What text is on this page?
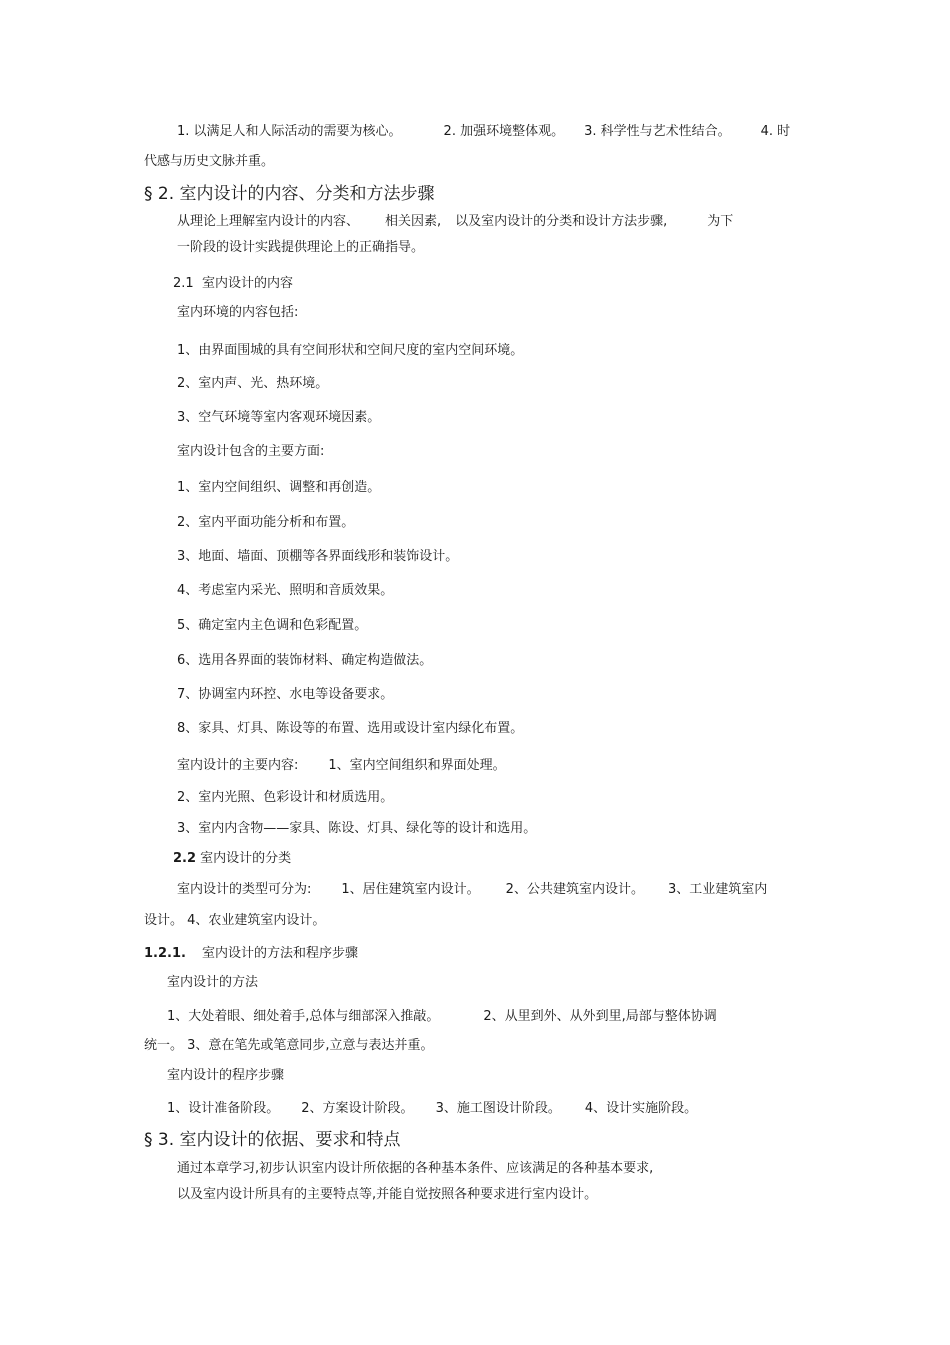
1. 以满足人和人际活动的需要为核心。	2. 加强环境整体观。 3. 科学性与艺术性结合。 4. 时
代感与历史文脉并重。
§ 2. 室内设计的内容、分类和方法步骤
从理论上理解室内设计的内容、 相关因素, 以及室内设计的分类和设计方法步骤,	为下
一阶段的设计实践提供理论上的正确指导。
2.1 室内设计的内容
室内环境的内容包括:
1、由界面围城的具有空间形状和空间尺度的室内空间环境。
2、室内声、光、热环境。
3、空气环境等室内客观环境因素。
室内设计包含的主要方面:
1、室内空间组织、调整和再创造。
2、室内平面功能分析和布置。
3、地面、墙面、顶棚等各界面线形和装饰设计。
4、考虑室内采光、照明和音质效果。
5、确定室内主色调和色彩配置。
6、选用各界面的装饰材料、确定构造做法。
7、协调室内环控、水电等设备要求。
8、家具、灯具、陈设等的布置、选用或设计室内绿化布置。
室内设计的主要内容: 1、室内空间组织和界面处理。
2、室内光照、色彩设计和材质选用。
3、室内内含物——家具、陈设、灯具、绿化等的设计和选用。
2.2 室内设计的分类
室内设计的类型可分为: 1、居住建筑室内设计。 2、公共建筑室内设计。 3、工业建筑室内
设计。 4、农业建筑室内设计。
1.2.1. 室内设计的方法和程序步骤
室内设计的方法
1、大处着眼、细处着手,总体与细部深入推敲。	2、从里到外、从外到里,局部与整体协调
统一。 3、意在笔先或笔意同步,立意与表达并重。
室内设计的程序步骤
1、设计准备阶段。 2、方案设计阶段。 3、施工图设计阶段。 4、设计实施阶段。
§ 3. 室内设计的依据、要求和特点
通过本章学习,初步认识室内设计所依据的各种基本条件、应该满足的各种基本要求,
以及室内设计所具有的主要特点等,并能自觉按照各种要求进行室内设计。
